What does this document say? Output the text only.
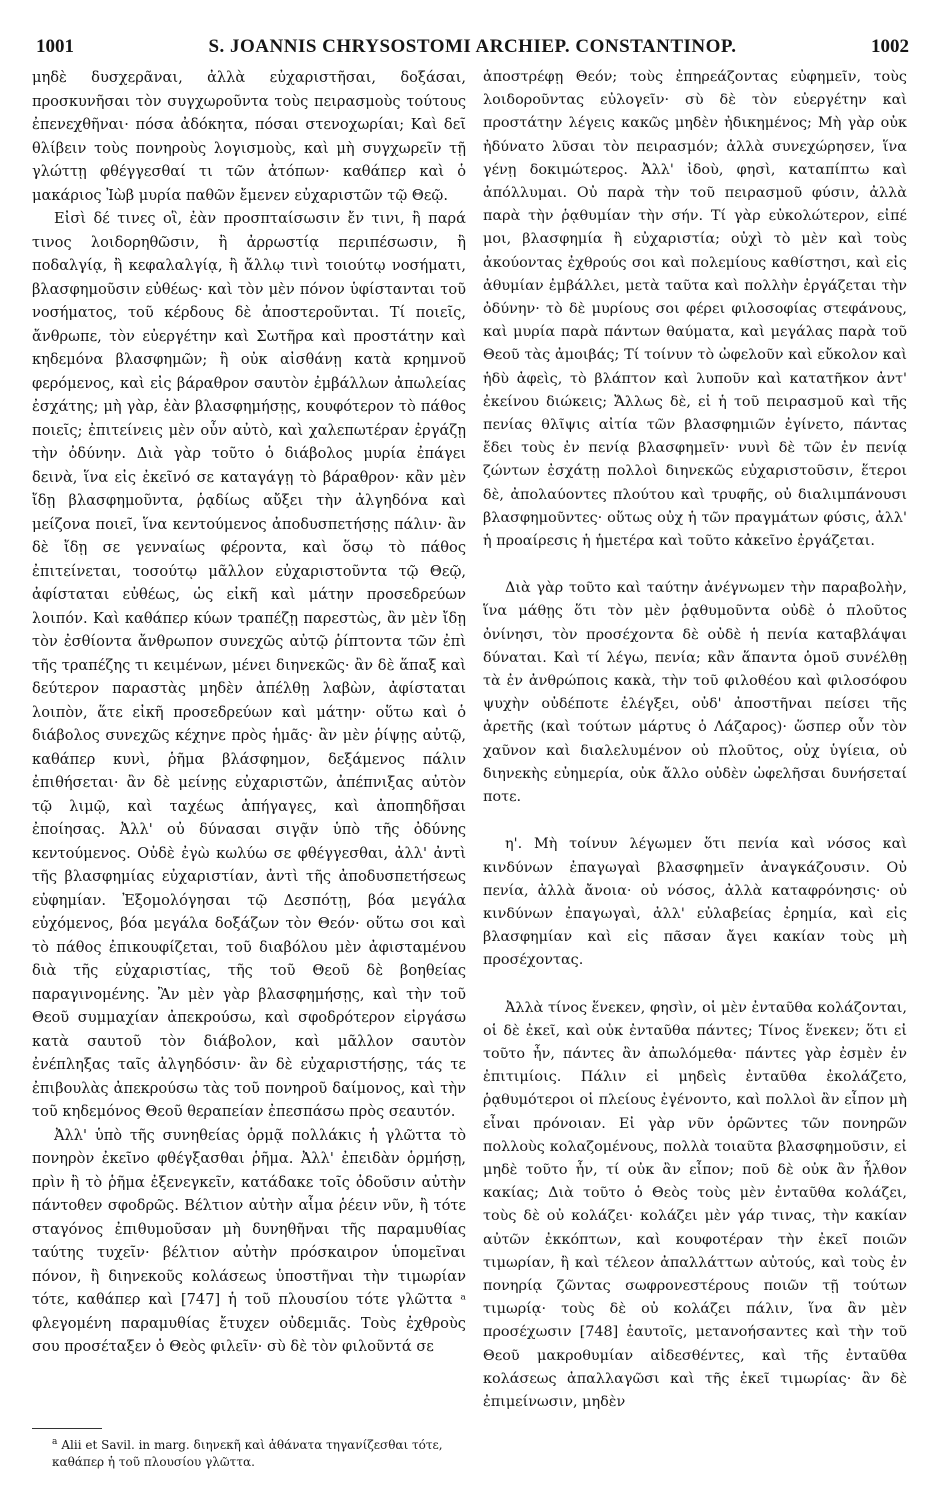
1001	S. JOANNIS CHRYSOSTOMI ARCHIEP. CONSTANTINOP.	1002

μηδὲ δυσχερᾶναι, ἀλλὰ εὐχαριστῆσαι, δοξάσαι, προσκυνῆσαι τὸν συγχωροῦντα τοὺς πειρασμοὺς τούτους ἐπενεχθῆναι· πόσα ἀδόκητα, πόσαι στενοχωρίαι; Καὶ δεῖ θλίβειν τοὺς πονηροὺς λογισμοὺς, καὶ μὴ συγχωρεῖν τῇ γλώττῃ φθέγγεσθαί τι τῶν ἀτόπων· καθάπερ καὶ ὁ μακάριος Ἰὼβ μυρία παθῶν ἔμενεν εὐχαριστῶν τῷ Θεῷ.

Εἰσὶ δέ τινες οἳ, ἐὰν προσπταίσωσιν ἔν τινι, ἢ παρά τινος λοιδορηθῶσιν, ἢ ἀρρωστίᾳ περιπέσωσιν, ἢ ποδαλγίᾳ, ἢ κεφαλαλγίᾳ, ἢ ἄλλῳ τινὶ τοιούτῳ νοσήματι, βλασφημοῦσιν εὐθέως· καὶ τὸν μὲν πόνον ὑφίστανται τοῦ νοσήματος, τοῦ κέρδους δὲ ἀποστεροῦνται. Τί ποιεῖς, ἄνθρωπε, τὸν εὐεργέτην καὶ Σωτῆρα καὶ προστάτην καὶ κηδεμόνα βλασφημῶν; ἢ οὐκ αἰσθάνῃ κατὰ κρημνοῦ φερόμενος, καὶ εἰς βάραθρον σαυτὸν ἐμβάλλων ἀπωλείας ἐσχάτης; μὴ γὰρ, ἐὰν βλασφημήσῃς, κουφότερον τὸ πάθος ποιεῖς; ἐπιτείνεις μὲν οὖν αὐτὸ, καὶ χαλεπωτέραν ἐργάζῃ τὴν ὀδύνην. Διὰ γὰρ τοῦτο ὁ διάβολος μυρία ἐπάγει δεινὰ, ἵνα εἰς ἐκεῖνό σε καταγάγῃ τὸ βάραθρον· κἂν μὲν ἴδῃ βλασφημοῦντα, ῥᾳδίως αὔξει τὴν ἀλγηδόνα καὶ μείζονα ποιεῖ, ἵνα κεντούμενος ἀποδυσπετήσῃς πάλιν· ἂν δὲ ἴδῃ σε γενναίως φέροντα, καὶ ὅσῳ τὸ πάθος ἐπιτείνεται, τοσούτῳ μᾶλλον εὐχαριστοῦντα τῷ Θεῷ, ἀφίσταται εὐθέως, ὡς εἰκῆ καὶ μάτην προσεδρεύων λοιπόν. Καὶ καθάπερ κύων τραπέζῃ παρεστὼς, ἂν μὲν ἴδῃ τὸν ἐσθίοντα ἄνθρωπον συνεχῶς αὐτῷ ῥίπτοντα τῶν ἐπὶ τῆς τραπέζης τι κειμένων, μένει διηνεκῶς· ἂν δὲ ἅπαξ καὶ δεύτερον παραστὰς μηδὲν ἀπέλθῃ λαβὼν, ἀφίσταται λοιπὸν, ἅτε εἰκῆ προσεδρεύων καὶ μάτην· οὕτω καὶ ὁ διάβολος συνεχῶς κέχηνε πρὸς ἡμᾶς· ἂν μὲν ῥίψῃς αὐτῷ, καθάπερ κυνὶ, ῥῆμα βλάσφημον, δεξάμενος πάλιν ἐπιθήσεται· ἂν δὲ μείνῃς εὐχαριστῶν, ἀπέπνιξας αὐτὸν τῷ λιμῷ, καὶ ταχέως ἀπήγαγες, καὶ ἀποπηδῆσαι ἐποίησας. Ἀλλ' οὐ δύνασαι σιγᾷν ὑπὸ τῆς ὀδύνης κεντούμενος. Οὐδὲ ἐγὼ κωλύω σε φθέγγεσθαι, ἀλλ' ἀντὶ τῆς βλασφημίας εὐχαριστίαν, ἀντὶ τῆς ἀποδυσπετήσεως εὐφημίαν. Ἐξομολόγησαι τῷ Δεσπότῃ, βόα μεγάλα εὐχόμενος, βόα μεγάλα δοξάζων τὸν Θεόν· οὕτω σοι καὶ τὸ πάθος ἐπικουφίζεται, τοῦ διαβόλου μὲν ἀφισταμένου διὰ τῆς εὐχαριστίας, τῆς τοῦ Θεοῦ δὲ βοηθείας παραγινομένης. Ἂν μὲν γὰρ βλασφημήσῃς, καὶ τὴν τοῦ Θεοῦ συμμαχίαν ἀπεκρούσω, καὶ σφοδρότερον εἰργάσω κατὰ σαυτοῦ τὸν διάβολον, καὶ μᾶλλον σαυτὸν ἐνέπληξας ταῖς ἀλγηδόσιν· ἂν δὲ εὐχαριστήσῃς, τάς τε ἐπιβουλὰς ἀπεκρούσω τὰς τοῦ πονηροῦ δαίμονος, καὶ τὴν τοῦ κηδεμόνος Θεοῦ θεραπείαν ἐπεσπάσω πρὸς σεαυτόν.

Ἀλλ' ὑπὸ τῆς συνηθείας ὁρμᾷ πολλάκις ἡ γλῶττα τὸ πονηρὸν ἐκεῖνο φθέγξασθαι ῥῆμα. Ἀλλ' ἐπειδὰν ὁρμήσῃ, πρὶν ἢ τὸ ῥῆμα ἐξενεγκεῖν, κατάδακε τοῖς ὀδοῦσιν αὐτὴν πάντοθεν σφοδρῶς. Βέλτιον αὐτὴν αἷμα ῥέειν νῦν, ἢ τότε σταγόνος ἐπιθυμοῦσαν μὴ δυνηθῆναι τῆς παραμυθίας ταύτης τυχεῖν· βέλτιον αὐτὴν πρόσκαιρον ὑπομεῖναι πόνον, ἢ διηνεκοῦς κολάσεως ὑποστῆναι τὴν τιμωρίαν τότε, καθάπερ καὶ [747] ἡ τοῦ πλουσίου τότε γλῶττα ᵃ φλεγομένη παραμυθίας ἔτυχεν οὐδεμιᾶς. Τοὺς ἐχθροὺς σου προσέταξεν ὁ Θεὸς φιλεῖν· σὺ δὲ τὸν φιλοῦντά σε

ἀποστρέφῃ Θεόν; τοὺς ἐπηρεάζοντας εὐφημεῖν, τοὺς λοιδοροῦντας εὐλογεῖν· σὺ δὲ τὸν εὐεργέτην καὶ προστάτην λέγεις κακῶς μηδὲν ἠδικημένος; Μὴ γὰρ οὐκ ἠδύνατο λῦσαι τὸν πειρασμόν; ἀλλὰ συνεχώρησεν, ἵνα γένῃ δοκιμώτερος. Ἀλλ' ἰδοὺ, φησὶ, καταπίπτω καὶ ἀπόλλυμαι. Οὐ παρὰ τὴν τοῦ πειρασμοῦ φύσιν, ἀλλὰ παρὰ τὴν ῥᾳθυμίαν τὴν σήν. Τί γὰρ εὐκολώτερον, εἰπέ μοι, βλασφημία ἢ εὐχαριστία; οὐχὶ τὸ μὲν καὶ τοὺς ἀκούοντας ἐχθρούς σοι καὶ πολεμίους καθίστησι, καὶ εἰς ἀθυμίαν ἐμβάλλει, μετὰ ταῦτα καὶ πολλὴν ἐργάζεται τὴν ὀδύνην· τὸ δὲ μυρίους σοι φέρει φιλοσοφίας στεφάνους, καὶ μυρία παρὰ πάντων θαύματα, καὶ μεγάλας παρὰ τοῦ Θεοῦ τὰς ἀμοιβάς; Τί τοίνυν τὸ ὠφελοῦν καὶ εὔκολον καὶ ἡδὺ ἀφεὶς, τὸ βλάπτον καὶ λυποῦν καὶ κατατῆκον ἀντ' ἐκείνου διώκεις; Ἄλλως δὲ, εἰ ἡ τοῦ πειρασμοῦ καὶ τῆς πενίας θλῖψις αἰτία τῶν βλασφημιῶν ἐγίνετο, πάντας ἔδει τοὺς ἐν πενίᾳ βλασφημεῖν· νυνὶ δὲ τῶν ἐν πενίᾳ ζώντων ἐσχάτῃ πολλοὶ διηνεκῶς εὐχαριστοῦσιν, ἕτεροι δὲ, ἀπολαύοντες πλούτου καὶ τρυφῆς, οὐ διαλιμπάνουσι βλασφημοῦντες· οὕτως οὐχ ἡ τῶν πραγμάτων φύσις, ἀλλ' ἡ προαίρεσις ἡ ἡμετέρα καὶ τοῦτο κἀκεῖνο ἐργάζεται.

Διὰ γὰρ τοῦτο καὶ ταύτην ἀνέγνωμεν τὴν παραβολὴν, ἵνα μάθῃς ὅτι τὸν μὲν ῥᾳθυμοῦντα οὐδὲ ὁ πλοῦτος ὀνίνησι, τὸν προσέχοντα δὲ οὐδὲ ἡ πενία καταβλάψαι δύναται. Καὶ τί λέγω, πενία; κἂν ἅπαντα ὁμοῦ συνέλθῃ τὰ ἐν ἀνθρώποις κακὰ, τὴν τοῦ φιλοθέου καὶ φιλοσόφου ψυχὴν οὐδέποτε ἐλέγξει, οὐδ' ἀποστῆναι πείσει τῆς ἀρετῆς (καὶ τούτων μάρτυς ὁ Λάζαρος)· ὥσπερ οὖν τὸν χαῦνον καὶ διαλελυμένον οὐ πλοῦτος, οὐχ ὑγίεια, οὐ διηνεκὴς εὐημερία, οὐκ ἄλλο οὐδὲν ὠφελῆσαι δυνήσεταί ποτε.

η'. Μὴ τοίνυν λέγωμεν ὅτι πενία καὶ νόσος καὶ κινδύνων ἐπαγωγαὶ βλασφημεῖν ἀναγκάζουσιν. Οὐ πενία, ἀλλὰ ἄνοια· οὐ νόσος, ἀλλὰ καταφρόνησις· οὐ κινδύνων ἐπαγωγαὶ, ἀλλ' εὐλαβείας ἐρημία, καὶ εἰς βλασφημίαν καὶ εἰς πᾶσαν ἄγει κακίαν τοὺς μὴ προσέχοντας.

Ἀλλὰ τίνος ἕνεκεν, φησὶν, οἱ μὲν ἐνταῦθα κολάζονται, οἱ δὲ ἐκεῖ, καὶ οὐκ ἐνταῦθα πάντες; Τίνος ἕνεκεν; ὅτι εἰ τοῦτο ἦν, πάντες ἂν ἀπωλόμεθα· πάντες γὰρ ἐσμὲν ἐν ἐπιτιμίοις. Πάλιν εἰ μηδεὶς ἐνταῦθα ἐκολάζετο, ῥᾳθυμότεροι οἱ πλείους ἐγένοντο, καὶ πολλοὶ ἂν εἶπον μὴ εἶναι πρόνοιαν. Εἰ γὰρ νῦν ὁρῶντες τῶν πονηρῶν πολλοὺς κολαζομένους, πολλὰ τοιαῦτα βλασφημοῦσιν, εἰ μηδὲ τοῦτο ἦν, τί οὐκ ἂν εἶπον; ποῦ δὲ οὐκ ἂν ἦλθον κακίας; Διὰ τοῦτο ὁ Θεὸς τοὺς μὲν ἐνταῦθα κολάζει, τοὺς δὲ οὐ κολάζει· κολάζει μὲν γάρ τινας, τὴν κακίαν αὐτῶν ἐκκόπτων, καὶ κουφοτέραν τὴν ἐκεῖ ποιῶν τιμωρίαν, ἢ καὶ τέλεον ἀπαλλάττων αὐτούς, καὶ τοὺς ἐν πονηρίᾳ ζῶντας σωφρονεστέρους ποιῶν τῇ τούτων τιμωρίᾳ· τοὺς δὲ οὐ κολάζει πάλιν, ἵνα ἂν μὲν προσέχωσιν [748] ἑαυτοῖς, μετανοήσαντες καὶ τὴν τοῦ Θεοῦ μακροθυμίαν αἰδεσθέντες, καὶ τῆς ἐνταῦθα κολάσεως ἀπαλλαγῶσι καὶ τῆς ἐκεῖ τιμωρίας· ἂν δὲ ἐπιμείνωσιν, μηδὲν

$^a$ Alii et Savil. in marg. διηνεκῆ καὶ ἀθάνατα τηγανίζεσθαι τότε, καθάπερ ἡ τοῦ πλουσίου γλῶττα.
